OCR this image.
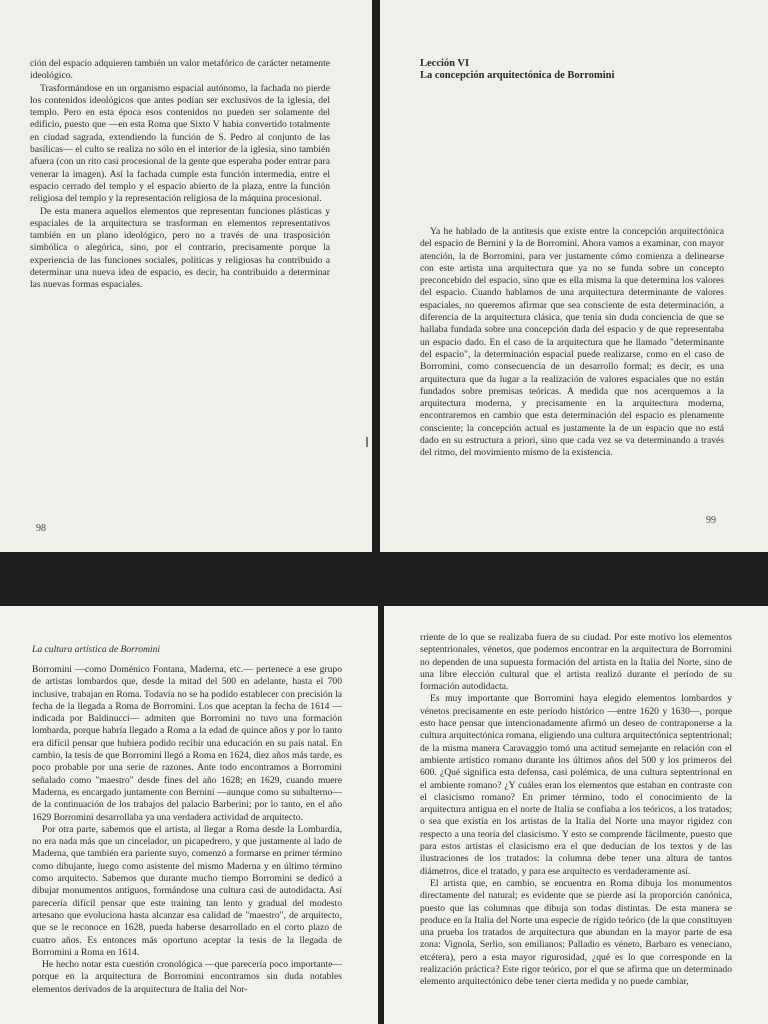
ción del espacio adquieren también un valor metafórico de carácter netamente ideológico.

Trasformándose en un organismo espacial autónomo, la fachada no pierde los contenidos ideológicos que antes podían ser exclusivos de la iglesia, del templo. Pero en esta época esos contenidos no pueden ser solamente del edificio, puesto que —en esta Roma que Sixto V había convertido totalmente en ciudad sagrada, extendiendo la función de S. Pedro al conjunto de las basílicas— el culto se realiza no sólo en el interior de la iglesia, sino también afuera (con un rito casi procesional de la gente que esperaba poder entrar para venerar la imagen). Así la fachada cumple esta función intermedia, entre el espacio cerrado del templo y el espacio abierto de la plaza, entre la función religiosa del templo y la representación religiosa de la máquina procesional.

De esta manera aquellos elementos que representan funciones plásticas y espaciales de la arquitectura se trasforman en elementos representativos también en un plano ideológico, pero no a través de una trasposición simbólica o alegórica, sino, por el contrario, precisamente porque la experiencia de las funciones sociales, políticas y religiosas ha contribuido a determinar una nueva idea de espacio, es decir, ha contribuido a determinar las nuevas formas espaciales.

98
Lección VI
La concepción arquitectónica de Borromini

Ya he hablado de la antítesis que existe entre la concepción arquitectónica del espacio de Bernini y la de Borromini. Ahora vamos a examinar, con mayor atención, la de Borromini, para ver justamente cómo comienza a delinearse con este artista una arquitectura que ya no se funda sobre un concepto preconcebido del espacio, sino que es ella misma la que determina los valores del espacio. Cuando hablamos de una arquitectura determinante de valores espaciales, no queremos afirmar que sea consciente de esta determinación, a diferencia de la arquitectura clásica, que tenía sin duda conciencia de que se hallaba fundada sobre una concepción dada del espacio y de que representaba un espacio dado. En el caso de la arquitectura que he llamado "determinante del espacio", la determinación espacial puede realizarse, como en el caso de Borromini, como consecuencia de un desarrollo formal; es decir, es una arquitectura que da lugar a la realización de valores espaciales que no están fundados sobre premisas teóricas. A medida que nos acerquemos a la arquitectura moderna, y precisamente en la arquitectura moderna, encontraremos en cambio que esta determinación del espacio es plenamente consciente; la concepción actual es justamente la de un espacio que no está dado en su estructura a priori, sino que cada vez se va determinando a través del ritmo, del movimiento mismo de la existencia.

99
La cultura artística de Borromini

Borromini —como Doménico Fontana, Maderna, etc.— pertenece a ese grupo de artistas lombardos que, desde la mitad del 500 en adelante, hasta el 700 inclusive, trabajan en Roma. Todavía no se ha podido establecer con precisión la fecha de la llegada a Roma de Borromini. Los que aceptan la fecha de 1614 —indicada por Baldinucci— admiten que Borromini no tuvo una formación lombarda, porque habría llegado a Roma a la edad de quince años y por lo tanto era difícil pensar que hubiera podido recibir una educación en su país natal. En cambio, la tesis de que Borromini llegó a Roma en 1624, diez años más tarde, es poco probable por una serie de razones. Ante todo encontramos a Borromini señalado como "maestro" desde fines del año 1628; en 1629, cuando muere Maderna, es encargado juntamente con Bernini —aunque como su subalterno— de la continuación de los trabajos del palacio Barberini; por lo tanto, en el año 1629 Borromini desarrollaba ya una verdadera actividad de arquitecto.

Por otra parte, sabemos que el artista, al llegar a Roma desde la Lombardía, no era nada más que un cincelador, un picapedrero, y que justamente al lado de Maderna, que también era pariente suyo, comenzó a formarse en primer término como dibujante, luego como asistente del mismo Maderna y en último término como arquitecto. Sabemos que durante mucho tiempo Borromini se dedicó a dibujar monumentos antiguos, formándose una cultura casi de autodidacta. Así parecería difícil pensar que este training tan lento y gradual del modesto artesano que evoluciona hasta alcanzar esa calidad de "maestro", de arquitecto, que se le reconoce en 1628, pueda haberse desarrollado en el corto plazo de cuatro años. Es entonces más oportuno aceptar la tesis de la llegada de Borromini a Roma en 1614.

He hecho notar esta cuestión cronológica —que parecería poco importante— porque en la arquitectura de Borromini encontramos sin duda notables elementos derivados de la arquitectura de Italia del Nor-

rriente de lo que se realizaba fuera de su ciudad. Por este motivo los elementos septentrionales, vénetos, que podemos encontrar en la arquitectura de Borromini no dependen de una supuesta formación del artista en la Italia del Norte, sino de una libre elección cultural que el artista realizó durante el período de su formación autodidacta.

Es muy importante que Borromini haya elegido elementos lombardos y vénetos precisamente en este período histórico —entre 1620 y 1630—, porque esto hace pensar que intencionadamente afirmó un deseo de contraponerse a la cultura arquitectónica romana, eligiendo una cultura arquitectónica septentrional; de la misma manera Caravaggio tomó una actitud semejante en relación con el ambiente artístico romano durante los últimos años del 500 y los primeros del 600. ¿Qué significa esta defensa, casi polémica, de una cultura septentrional en el ambiente romano? ¿Y cuáles eran los elementos que estaban en contraste con el clasicismo romano? En primer término, todo el conocimiento de la arquitectura antigua en el norte de Italia se confiaba a los teóricos, a los tratados; o sea que existía en los artistas de la Italia del Norte una mayor rigidez con respecto a una teoría del clasicismo. Y esto se comprende fácilmente, puesto que para estos artistas el clasicismo era el que deducían de los textos y de las ilustraciones de los tratados: la columna debe tener una altura de tantos diámetros, dice el tratado, y para ese arquitecto es verdaderamente así.

El artista que, en cambio, se encuentra en Roma dibuja los monumentos directamente del natural; es evidente que se pierde así la proporción canónica, puesto que las columnas que dibuja son todas distintas. De esta manera se produce en la Italia del Norte una especie de rígido teórico (de la que constituyen una prueba los tratados de arquitectura que abundan en la mayor parte de esa zona: Vignola, Serlio, son emilianos; Palladio es véneto, Barbaro es veneciano, etcétera), pero a esta mayor rigurosidad, ¿qué es lo que corresponde en la realización práctica? Este rigor teórico, por el que se afirma que un determinado elemento arquitectónico debe tener cierta medida y no puede cambiar,
